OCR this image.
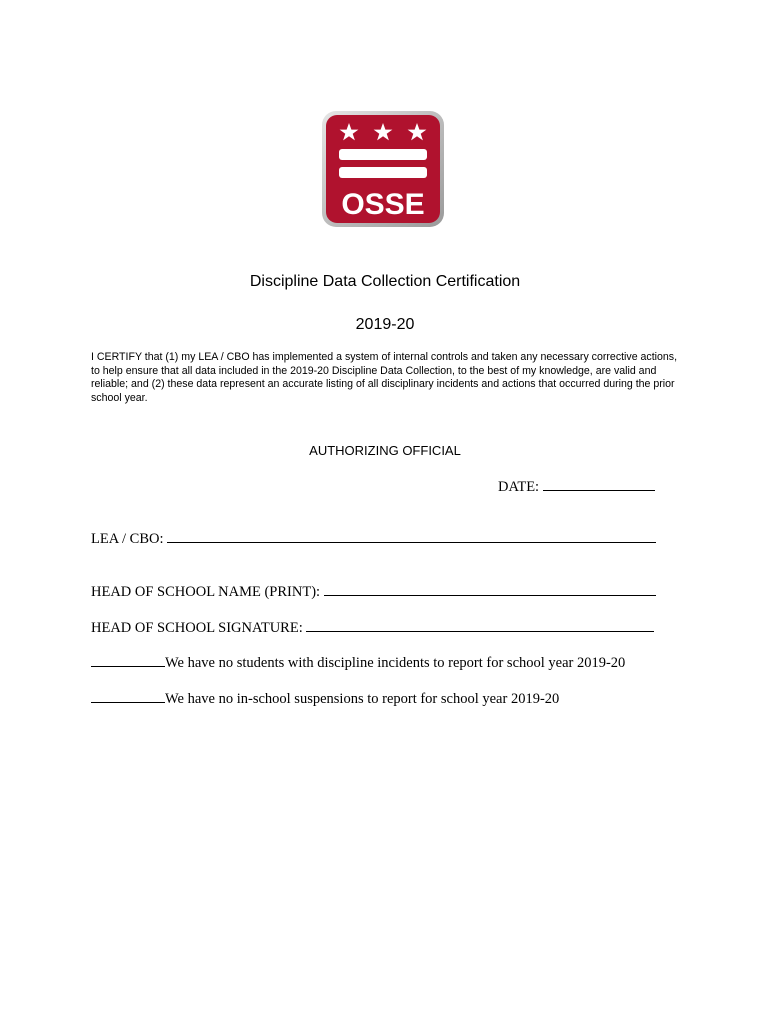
OSSE
Discipline Data Collection Certification
2019-20

I CERTIFY that (1) my LEA / CBO has implemented a system of internal controls and taken any necessary corrective actions, to help ensure that all data included in the 2019-20 Discipline Data Collection, to the best of my knowledge, are valid and reliable; and (2) these data represent an accurate listing of all disciplinary incidents and actions that occurred during the prior school year.

AUTHORIZING OFFICIAL
DATE:
LEA / CBO:
HEAD OF SCHOOL NAME (PRINT):
HEAD OF SCHOOL SIGNATURE:
We have no students with discipline incidents to report for school year 2019-20
We have no in-school suspensions to report for school year 2019-20
